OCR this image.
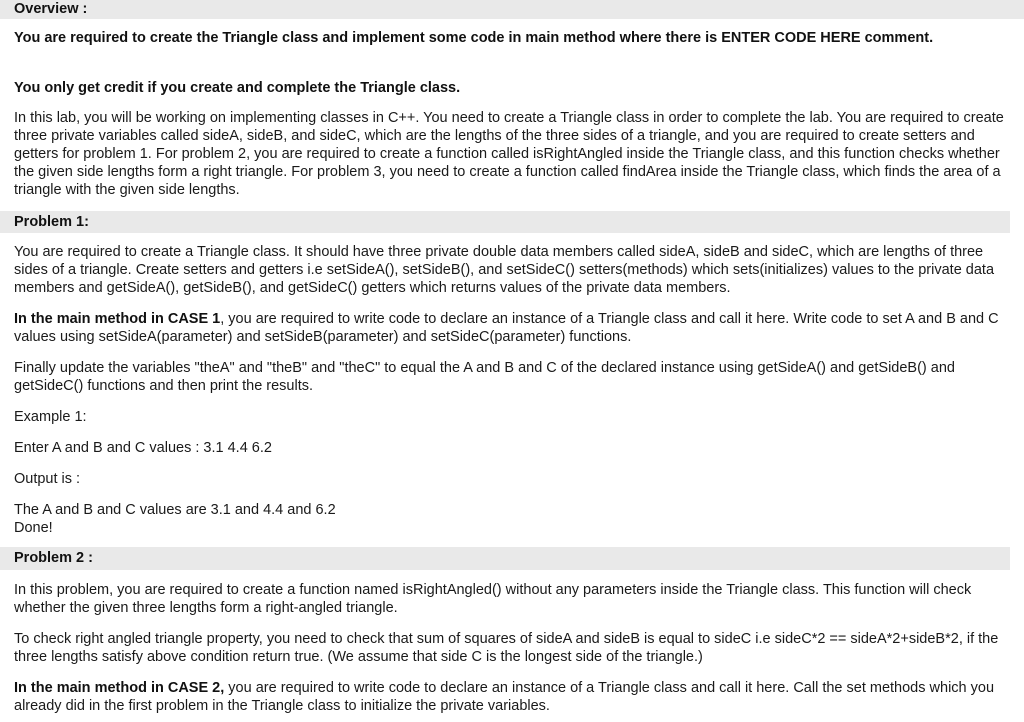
Overview :

You are required to create the Triangle class and implement some code in main method where there is ENTER CODE HERE comment.

You only get credit if you create and complete the Triangle class.

In this lab, you will be working on implementing classes in C++. You need to create a Triangle class in order to complete the lab. You are required to create three private variables called sideA, sideB, and sideC, which are the lengths of the three sides of a triangle, and you are required to create setters and getters for problem 1. For problem 2, you are required to create a function called isRightAngled inside the Triangle class, and this function checks whether the given side lengths form a right triangle. For problem 3, you need to create a function called findArea inside the Triangle class, which finds the area of a triangle with the given side lengths.

Problem 1:

You are required to create a Triangle class. It should have three private double data members called sideA, sideB and sideC, which are lengths of three sides of a triangle. Create setters and getters i.e setSideA(), setSideB(), and setSideC() setters(methods) which sets(initializes) values to the private data members and getSideA(), getSideB(), and getSideC() getters which returns values of the private data members.

In the main method in CASE 1, you are required to write code to declare an instance of a Triangle class and call it here. Write code to set A and B and C values using setSideA(parameter) and setSideB(parameter) and setSideC(parameter) functions.

Finally update the variables "theA" and "theB" and "theC" to equal the A and B and C of the declared instance using getSideA() and getSideB() and getSideC() functions and then print the results.

Example 1:

Enter A and B and C values : 3.1 4.4 6.2

Output is :

The A and B and C values are 3.1 and 4.4 and 6.2
Done!
Problem 2 :

In this problem, you are required to create a function named isRightAngled() without any parameters inside the Triangle class. This function will check whether the given three lengths form a right-angled triangle.

To check right angled triangle property, you need to check that sum of squares of sideA and sideB is equal to sideC i.e sideC*2 == sideA*2+sideB*2, if the three lengths satisfy above condition return true. (We assume that side C is the longest side of the triangle.)

In the main method in CASE 2, you are required to write code to declare an instance of a Triangle class and call it here. Call the set methods which you already did in the first problem in the Triangle class to initialize the private variables.
